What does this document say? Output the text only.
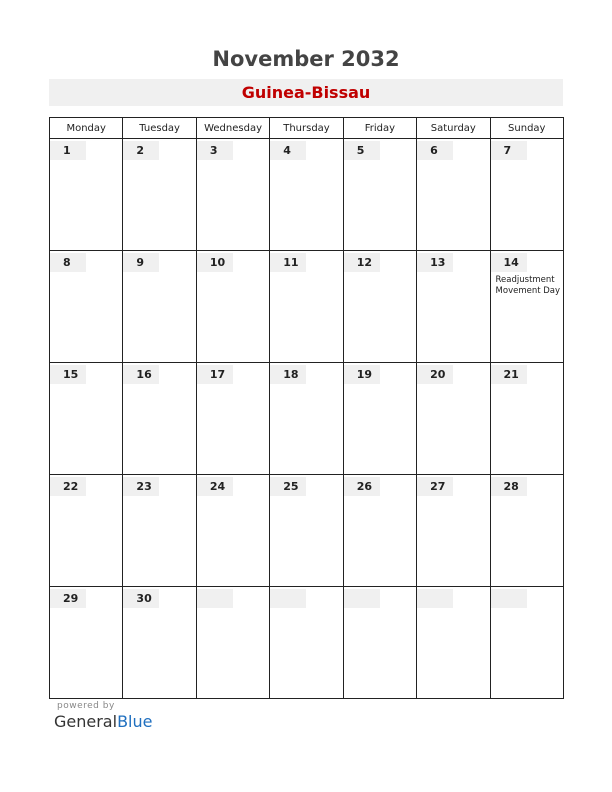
November 2032
Guinea-Bissau
Monday	Tuesday	Wednesday	Thursday	Friday	Saturday	Sunday

1	2	3	4	5	6	7

8	9	10	11	12	13	14
Readjustment Movement Day

15	16	17	18	19	20	21

22	23	24	25	26	27	28

29	30					

powered by
GeneralBlue
